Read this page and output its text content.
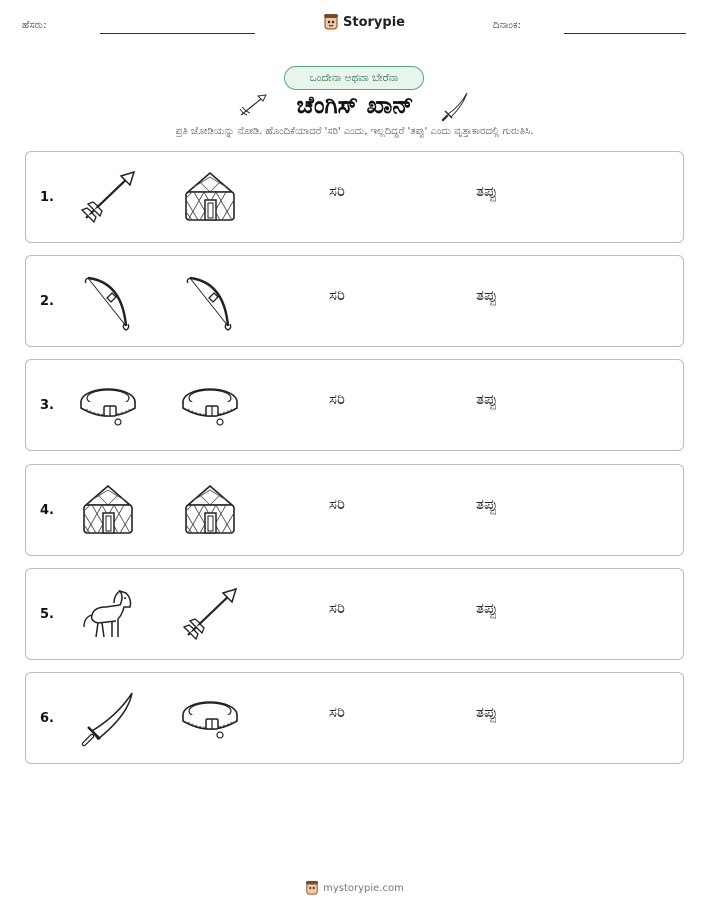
ಹೆಸರು:	Storypie	ದಿನಾಂಕ:
ಒಂದೇನಾ ಅಥವಾ ಬೇರೆನಾ
ಚೆಂಗಿಸ್ ಖಾನ್
ಪ್ರತಿ ಜೋಡಿಯನ್ನು ನೋಡಿ. ಹೊಂದಿಕೆಯಾದರೆ 'ಸರಿ' ಎಂದು, ಇಲ್ಲದಿದ್ದರೆ 'ತಪ್ಪು' ಎಂದು ವೃತ್ತಾಕಾರದಲ್ಲಿ ಗುರುತಿಸಿ.
1.	ಸರಿ	ತಪ್ಪು
2.	ಸರಿ	ತಪ್ಪು
3.	ಸರಿ	ತಪ್ಪು
4.	ಸರಿ	ತಪ್ಪು
5.	ಸರಿ	ತಪ್ಪು
6.	ಸರಿ	ತಪ್ಪು
mystorypie.com
